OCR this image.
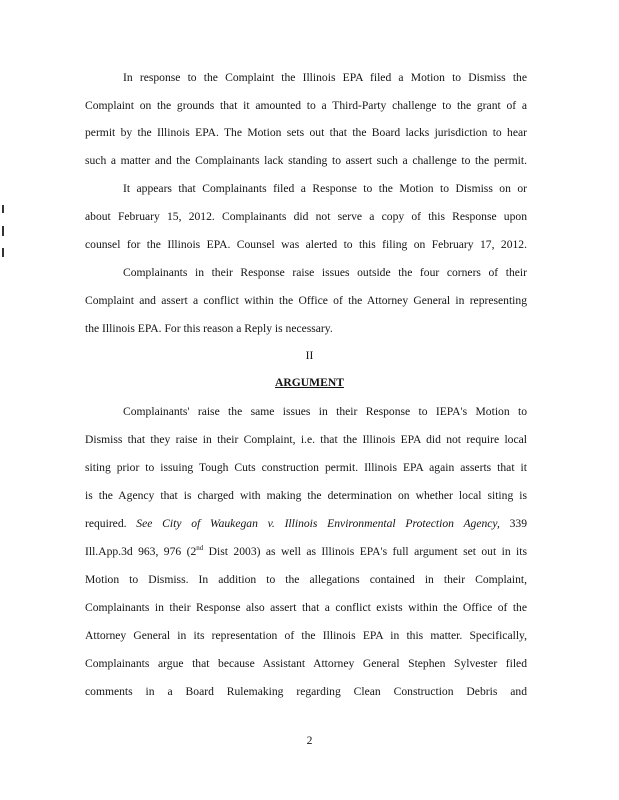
In response to the Complaint the Illinois EPA filed a Motion to Dismiss the
Complaint on the grounds that it amounted to a Third-Party challenge to the grant of a
permit by the Illinois EPA. The Motion sets out that the Board lacks jurisdiction to hear
such a matter and the Complainants lack standing to assert such a challenge to the permit.
It appears that Complainants filed a Response to the Motion to Dismiss on or
about February 15, 2012. Complainants did not serve a copy of this Response upon
counsel for the Illinois EPA. Counsel was alerted to this filing on February 17, 2012.
Complainants in their Response raise issues outside the four corners of their
Complaint and assert a conflict within the Office of the Attorney General in representing
the Illinois EPA. For this reason a Reply is necessary.
II
ARGUMENT
Complainants' raise the same issues in their Response to IEPA's Motion to
Dismiss that they raise in their Complaint, i.e. that the Illinois EPA did not require local
siting prior to issuing Tough Cuts construction permit. Illinois EPA again asserts that it
is the Agency that is charged with making the determination on whether local siting is
required. See City of Waukegan v. Illinois Environmental Protection Agency, 339
Ill.App.3d 963, 976 (2nd Dist 2003) as well as Illinois EPA's full argument set out in its
Motion to Dismiss. In addition to the allegations contained in their Complaint,
Complainants in their Response also assert that a conflict exists within the Office of the
Attorney General in its representation of the Illinois EPA in this matter. Specifically,
Complainants argue that because Assistant Attorney General Stephen Sylvester filed
comments in a Board Rulemaking regarding Clean Construction Debris and
2
